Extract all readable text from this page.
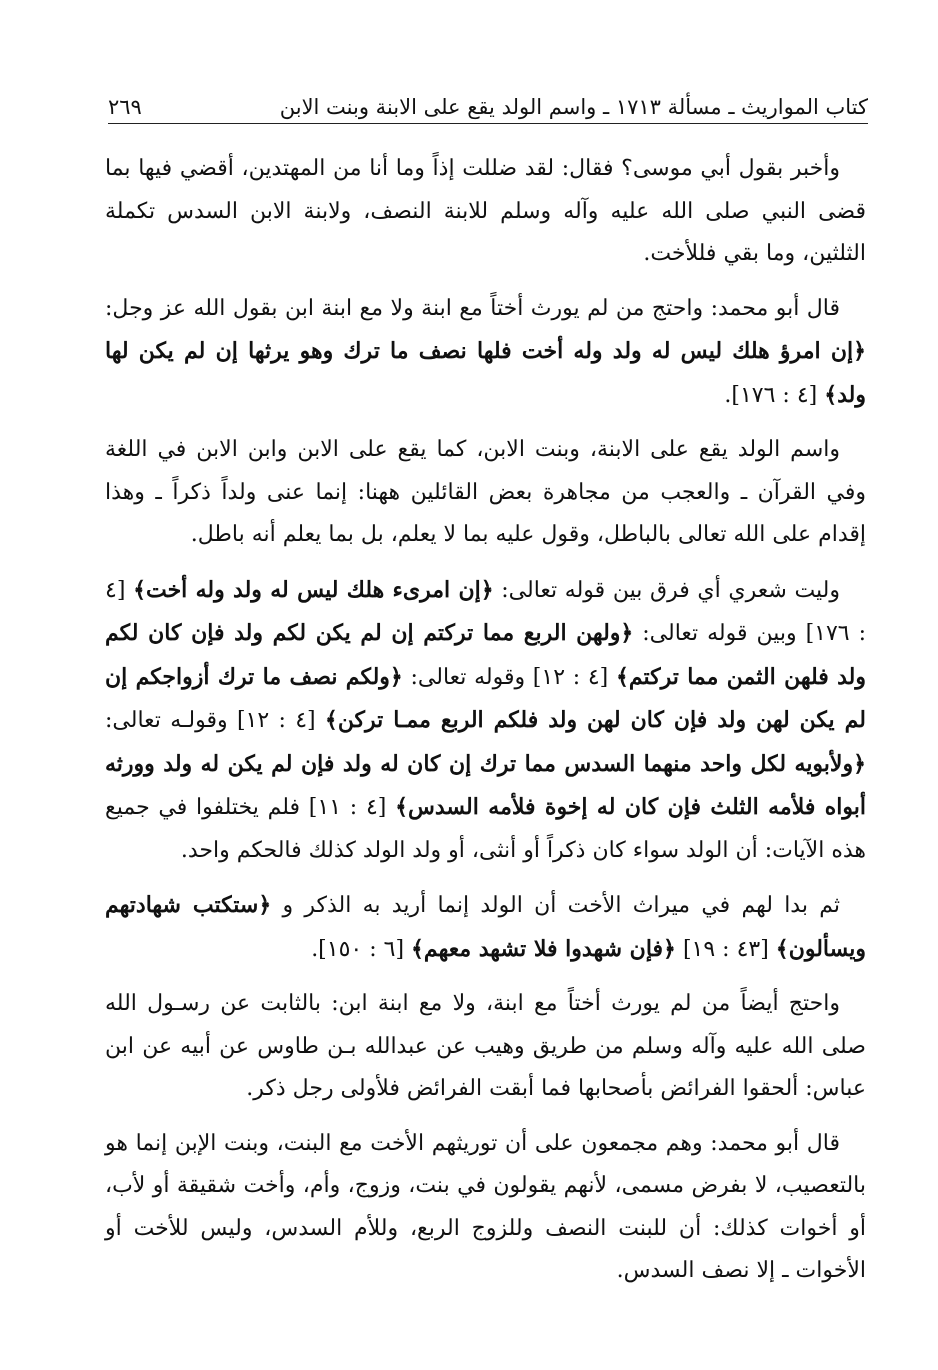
كتاب المواريث ـ مسألة ١٧١٣ ـ واسم الولد يقع على الابنة وبنت الابن
٢٦٩

وأخبر بقول أبي موسى؟ فقال: لقد ضللت إذاً وما أنا من المهتدين، أقضي فيها بما قضى النبي صلى الله عليه وآله وسلم للابنة النصف، ولابنة الابن السدس تكملة الثلثين، وما بقي فللأخت.

قال أبو محمد: واحتج من لم يورث أختاً مع ابنة ولا مع ابنة ابن بقول الله عز وجل:﴿إن امرؤ هلك ليس له ولد وله أخت فلها نصف ما ترك وهو يرثها إن لم يكن لها ولد﴾ [٤ : ١٧٦].

واسم الولد يقع على الابنة، وبنت الابن، كما يقع على الابن وابن الابن في اللغة وفي القرآن ـ والعجب من مجاهرة بعض القائلين ههنا: إنما عنى ولداً ذكراً ـ وهذا إقدام على الله تعالى بالباطل، وقول عليه بما لا يعلم، بل بما يعلم أنه باطل.

وليت شعري أي فرق بين قوله تعالى: ﴿إن امرىء هلك ليس له ولد وله أخت﴾ [٤ : ١٧٦] وبين قوله تعالى: ﴿ولهن الربع مما تركتم إن لم يكن لكم ولد فإن كان لكم ولد فلهن الثمن مما تركتم﴾ [٤ : ١٢] وقوله تعالى: ﴿ولكم نصف ما ترك أزواجكم إن لم يكن لهن ولد فإن كان لهن ولد فلكم الربع ممـا تركن﴾ [٤ : ١٢] وقولـه تعالى: ﴿ولأبويه لكل واحد منهما السدس مما ترك إن كان له ولد فإن لم يكن له ولد وورثه أبواه فلأمه الثلث فإن كان له إخوة فلأمه السدس﴾ [٤ : ١١] فلم يختلفوا في جميع هذه الآيات: أن الولد سواء كان ذكراً أو أنثى، أو ولد الولد كذلك فالحكم واحد.

ثم بدا لهم في ميراث الأخت أن الولد إنما أريد به الذكر و ﴿ستكتب شهادتهم ويسألون﴾ [٤٣ : ١٩] ﴿فإن شهدوا فلا تشهد معهم﴾ [٦ : ١٥٠].

واحتج أيضاً من لم يورث أختاً مع ابنة، ولا مع ابنة ابن: بالثابت عن رسـول الله صلى الله عليه وآله وسلم من طريق وهيب عن عبدالله بـن طاوس عن أبيه عن ابن عباس: ألحقوا الفرائض بأصحابها فما أبقت الفرائض فلأولى رجل ذكر.

قال أبو محمد: وهم مجمعون على أن توريثهم الأخت مع البنت، وبنت الإبن إنما هو بالتعصيب، لا بفرض مسمى، لأنهم يقولون في بنت، وزوج، وأم، وأخت شقيقة أو لأب، أو أخوات كذلك: أن للبنت النصف وللزوج الربع، وللأم السدس، وليس للأخت أو الأخوات ـ إلا نصف السدس.
